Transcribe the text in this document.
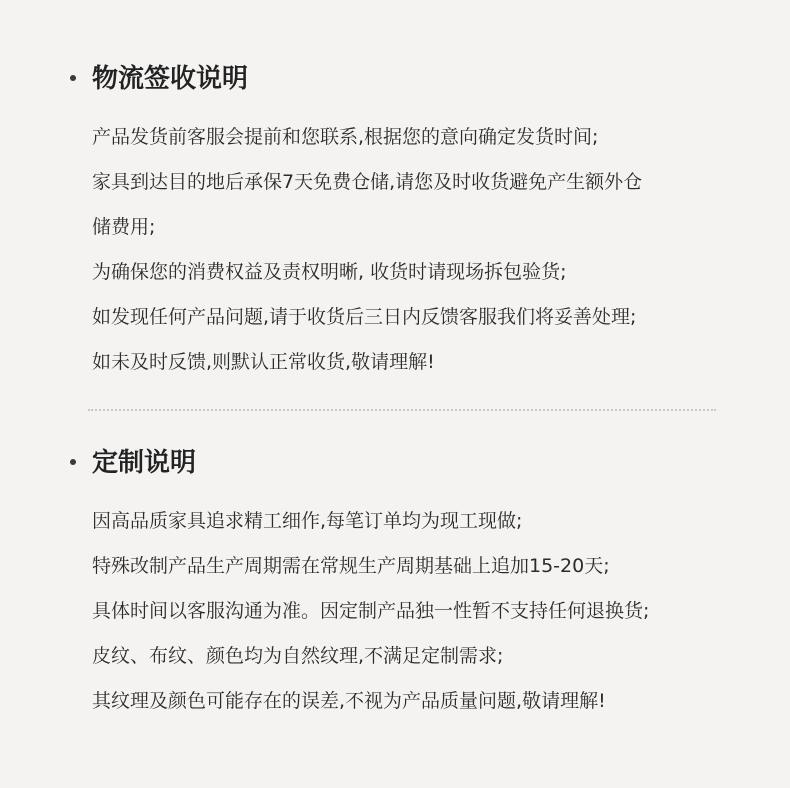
物流签收说明
产品发货前客服会提前和您联系,根据您的意向确定发货时间;
家具到达目的地后承保7天免费仓储,请您及时收货避免产生额外仓
储费用;
为确保您的消费权益及责权明晰, 收货时请现场拆包验货;
如发现任何产品问题,请于收货后三日内反馈客服我们将妥善处理;
如未及时反馈,则默认正常收货,敬请理解!
定制说明
因高品质家具追求精工细作,每笔订单均为现工现做;
特殊改制产品生产周期需在常规生产周期基础上追加15-20天;
具体时间以客服沟通为准。因定制产品独一性暂不支持任何退换货;
皮纹、布纹、颜色均为自然纹理,不满足定制需求;
其纹理及颜色可能存在的误差,不视为产品质量问题,敬请理解!
